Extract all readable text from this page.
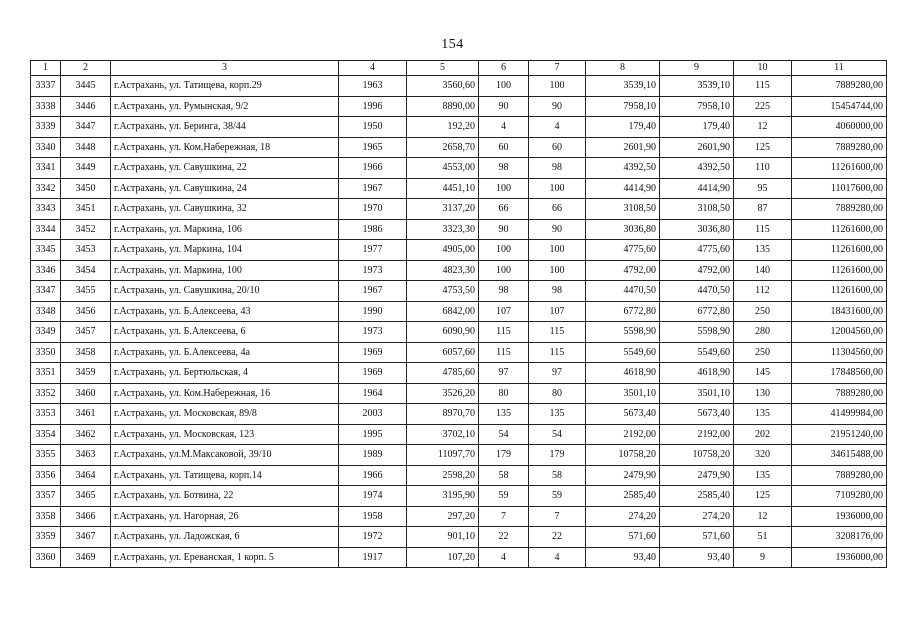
154
1	2	3	4	5	6	7	8	9	10	11
3337	3445	г.Астрахань, ул. Татищева, корп.29	1963	3560,60	100	100	3539,10	3539,10	115	7889280,00
3338	3446	г.Астрахань, ул. Румынская, 9/2	1996	8890,00	90	90	7958,10	7958,10	225	15454744,00
3339	3447	г.Астрахань, ул. Беринга, 38/44	1950	192,20	4	4	179,40	179,40	12	4060000,00
3340	3448	г.Астрахань, ул. Ком.Набережная, 18	1965	2658,70	60	60	2601,90	2601,90	125	7889280,00
3341	3449	г.Астрахань, ул. Савушкина, 22	1966	4553,00	98	98	4392,50	4392,50	110	11261600,00
3342	3450	г.Астрахань, ул. Савушкина, 24	1967	4451,10	100	100	4414,90	4414,90	95	11017600,00
3343	3451	г.Астрахань, ул. Савушкина, 32	1970	3137,20	66	66	3108,50	3108,50	87	7889280,00
3344	3452	г.Астрахань, ул. Маркина, 106	1986	3323,30	90	90	3036,80	3036,80	115	11261600,00
3345	3453	г.Астрахань, ул. Маркина, 104	1977	4905,00	100	100	4775,60	4775,60	135	11261600,00
3346	3454	г.Астрахань, ул. Маркина, 100	1973	4823,30	100	100	4792,00	4792,00	140	11261600,00
3347	3455	г.Астрахань, ул. Савушкина, 20/10	1967	4753,50	98	98	4470,50	4470,50	112	11261600,00
3348	3456	г.Астрахань, ул. Б.Алексеева, 43	1990	6842,00	107	107	6772,80	6772,80	250	18431600,00
3349	3457	г.Астрахань, ул. Б.Алексеева, 6	1973	6090,90	115	115	5598,90	5598,90	280	12004560,00
3350	3458	г.Астрахань, ул. Б.Алексеева, 4а	1969	6057,60	115	115	5549,60	5549,60	250	11304560,00
3351	3459	г.Астрахань, ул. Бертюльская, 4	1969	4785,60	97	97	4618,90	4618,90	145	17848560,00
3352	3460	г.Астрахань, ул. Ком.Набережная, 16	1964	3526,20	80	80	3501,10	3501,10	130	7889280,00
3353	3461	г.Астрахань, ул. Московская, 89/8	2003	8970,70	135	135	5673,40	5673,40	135	41499984,00
3354	3462	г.Астрахань, ул. Московская, 123	1995	3702,10	54	54	2192,00	2192,00	202	21951240,00
3355	3463	г.Астрахань, ул.М.Максаковой, 39/10	1989	11097,70	179	179	10758,20	10758,20	320	34615488,00
3356	3464	г.Астрахань, ул. Татищева, корп.14	1966	2598,20	58	58	2479,90	2479,90	135	7889280,00
3357	3465	г.Астрахань, ул. Ботвина, 22	1974	3195,90	59	59	2585,40	2585,40	125	7109280,00
3358	3466	г.Астрахань, ул. Нагорная, 26	1958	297,20	7	7	274,20	274,20	12	1936000,00
3359	3467	г.Астрахань, ул. Ладожская, 6	1972	901,10	22	22	571,60	571,60	51	3208176,00
3360	3469	г.Астрахань, ул. Ереванская, 1 корп. 5	1917	107,20	4	4	93,40	93,40	9	1936000,00
